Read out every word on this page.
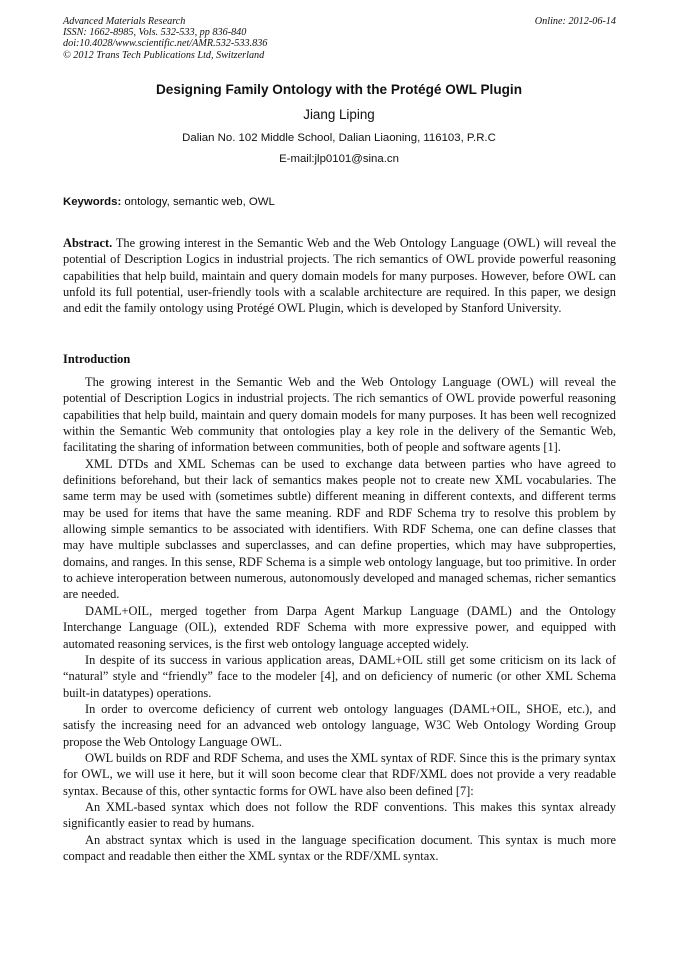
Advanced Materials Research
ISSN: 1662-8985, Vols. 532-533, pp 836-840
doi:10.4028/www.scientific.net/AMR.532-533.836
© 2012 Trans Tech Publications Ltd, Switzerland
Online: 2012-06-14
Designing Family Ontology with the Protégé OWL Plugin
Jiang Liping
Dalian No. 102 Middle School, Dalian Liaoning, 116103, P.R.C
E-mail:jlp0101@sina.cn
Keywords: ontology, semantic web, OWL
Abstract. The growing interest in the Semantic Web and the Web Ontology Language (OWL) will reveal the potential of Description Logics in industrial projects. The rich semantics of OWL provide powerful reasoning capabilities that help build, maintain and query domain models for many purposes. However, before OWL can unfold its full potential, user-friendly tools with a scalable architecture are required. In this paper, we design and edit the family ontology using Protégé OWL Plugin, which is developed by Stanford University.
Introduction

The growing interest in the Semantic Web and the Web Ontology Language (OWL) will reveal the potential of Description Logics in industrial projects. The rich semantics of OWL provide powerful reasoning capabilities that help build, maintain and query domain models for many purposes. It has been well recognized within the Semantic Web community that ontologies play a key role in the delivery of the Semantic Web, facilitating the sharing of information between communities, both of people and software agents [1].

XML DTDs and XML Schemas can be used to exchange data between parties who have agreed to definitions beforehand, but their lack of semantics makes people not to create new XML vocabularies. The same term may be used with (sometimes subtle) different meaning in different contexts, and different terms may be used for items that have the same meaning. RDF and RDF Schema try to resolve this problem by allowing simple semantics to be associated with identifiers. With RDF Schema, one can define classes that may have multiple subclasses and superclasses, and can define properties, which may have subproperties, domains, and ranges. In this sense, RDF Schema is a simple web ontology language, but too primitive. In order to achieve interoperation between numerous, autonomously developed and managed schemas, richer semantics are needed.

DAML+OIL, merged together from Darpa Agent Markup Language (DAML) and the Ontology Interchange Language (OIL), extended RDF Schema with more expressive power, and equipped with automated reasoning services, is the first web ontology language accepted widely.

In despite of its success in various application areas, DAML+OIL still get some criticism on its lack of “natural” style and “friendly” face to the modeler [4], and on deficiency of numeric (or other XML Schema built-in datatypes) operations.

In order to overcome deficiency of current web ontology languages (DAML+OIL, SHOE, etc.), and satisfy the increasing need for an advanced web ontology language, W3C Web Ontology Wording Group propose the Web Ontology Language OWL.

OWL builds on RDF and RDF Schema, and uses the XML syntax of RDF. Since this is the primary syntax for OWL, we will use it here, but it will soon become clear that RDF/XML does not provide a very readable syntax. Because of this, other syntactic forms for OWL have also been defined [7]:

An XML-based syntax which does not follow the RDF conventions. This makes this syntax already significantly easier to read by humans.

An abstract syntax which is used in the language specification document. This syntax is much more compact and readable then either the XML syntax or the RDF/XML syntax.
